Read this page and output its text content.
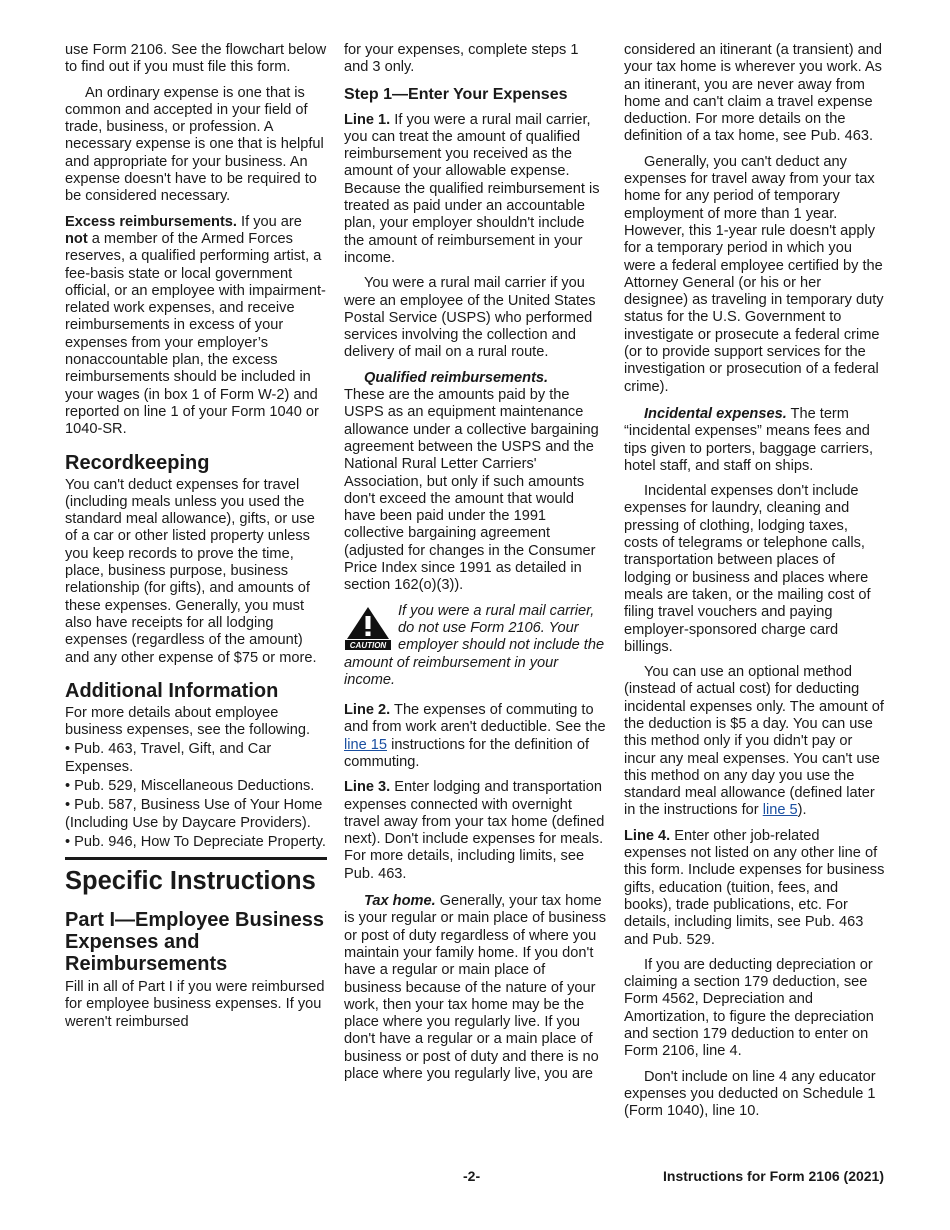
use Form 2106. See the flowchart below to find out if you must file this form.

An ordinary expense is one that is common and accepted in your field of trade, business, or profession. A necessary expense is one that is helpful and appropriate for your business. An expense doesn't have to be required to be considered necessary.

Excess reimbursements. If you are not a member of the Armed Forces reserves, a qualified performing artist, a fee-basis state or local government official, or an employee with impairment-related work expenses, and receive reimbursements in excess of your expenses from your employer’s nonaccountable plan, the excess reimbursements should be included in your wages (in box 1 of Form W-2) and reported on line 1 of your Form 1040 or 1040-SR.

Recordkeeping

You can't deduct expenses for travel (including meals unless you used the standard meal allowance), gifts, or use of a car or other listed property unless you keep records to prove the time, place, business purpose, business relationship (for gifts), and amounts of these expenses. Generally, you must also have receipts for all lodging expenses (regardless of the amount) and any other expense of $75 or more.

Additional Information

For more details about employee business expenses, see the following.

• Pub. 463, Travel, Gift, and Car Expenses.
• Pub. 529, Miscellaneous Deductions.
• Pub. 587, Business Use of Your Home (Including Use by Daycare Providers).
• Pub. 946, How To Depreciate Property.
Specific Instructions
Part I—Employee Business Expenses and Reimbursements

Fill in all of Part I if you were reimbursed for employee business expenses. If you weren't reimbursed

for your expenses, complete steps 1 and 3 only.

Step 1—Enter Your Expenses

Line 1. If you were a rural mail carrier, you can treat the amount of qualified reimbursement you received as the amount of your allowable expense. Because the qualified reimbursement is treated as paid under an accountable plan, your employer shouldn't include the amount of reimbursement in your income.

You were a rural mail carrier if you were an employee of the United States Postal Service (USPS) who performed services involving the collection and delivery of mail on a rural route.

Qualified reimbursements.

These are the amounts paid by the USPS as an equipment maintenance allowance under a collective bargaining agreement between the USPS and the National Rural Letter Carriers' Association, but only if such amounts don't exceed the amount that would have been paid under the 1991 collective bargaining agreement (adjusted for changes in the Consumer Price Index since 1991 as detailed in section 162(o)(3)).

CAUTION
If you were a rural mail carrier, do not use Form 2106. Your employer should not include the amount of reimbursement in your income.

Line 2. The expenses of commuting to and from work aren't deductible. See the line 15 instructions for the definition of commuting.

Line 3. Enter lodging and transportation expenses connected with overnight travel away from your tax home (defined next). Don't include expenses for meals. For more details, including limits, see Pub. 463.

Tax home. Generally, your tax home is your regular or main place of business or post of duty regardless of where you maintain your family home. If you don't have a regular or main place of business because of the nature of your work, then your tax home may be the place where you regularly live. If you don't have a regular or a main place of business or post of duty and there is no place where you regularly live, you are

considered an itinerant (a transient) and your tax home is wherever you work. As an itinerant, you are never away from home and can't claim a travel expense deduction. For more details on the definition of a tax home, see Pub. 463.

Generally, you can't deduct any expenses for travel away from your tax home for any period of temporary employment of more than 1 year. However, this 1-year rule doesn't apply for a temporary period in which you were a federal employee certified by the Attorney General (or his or her designee) as traveling in temporary duty status for the U.S. Government to investigate or prosecute a federal crime (or to provide support services for the investigation or prosecution of a federal crime).

Incidental expenses. The term “incidental expenses” means fees and tips given to porters, baggage carriers, hotel staff, and staff on ships.

Incidental expenses don't include expenses for laundry, cleaning and pressing of clothing, lodging taxes, costs of telegrams or telephone calls, transportation between places of lodging or business and places where meals are taken, or the mailing cost of filing travel vouchers and paying employer-sponsored charge card billings.

You can use an optional method (instead of actual cost) for deducting incidental expenses only. The amount of the deduction is $5 a day. You can use this method only if you didn't pay or incur any meal expenses. You can't use this method on any day you use the standard meal allowance (defined later in the instructions for line 5).

Line 4. Enter other job-related expenses not listed on any other line of this form. Include expenses for business gifts, education (tuition, fees, and books), trade publications, etc. For details, including limits, see Pub. 463 and Pub. 529.

If you are deducting depreciation or claiming a section 179 deduction, see Form 4562, Depreciation and Amortization, to figure the depreciation and section 179 deduction to enter on Form 2106, line 4.

Don't include on line 4 any educator expenses you deducted on Schedule 1 (Form 1040), line 10.

-2-	Instructions for Form 2106 (2021)
